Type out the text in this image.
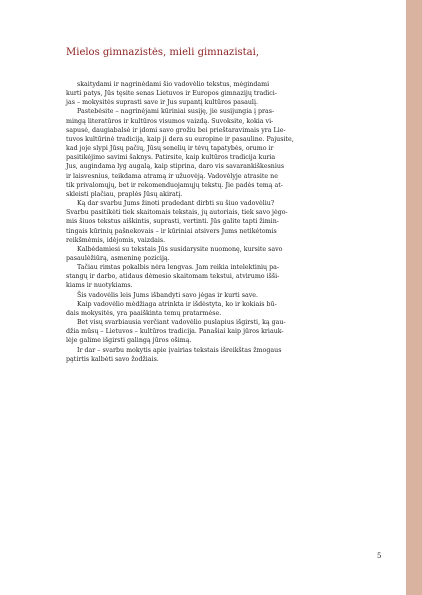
Mielos gimnazistės, mieli gimnazistai,
skaitydami ir nagrinėdami šio vadovėlio tekstus, mėgindami
kurti patys, Jūs tęsite senas Lietuvos ir Europos gimnazijų tradici-
jas – mokysitės suprasti save ir Jus supantį kultūros pasaulį.
Pastebėsite – nagrinėjami kūriniai susiję, jie susijungia į pras-
mingą literatūros ir kultūros visumos vaizdą. Suvoksite, kokia vi-
sapusė, daugiabalsė ir įdomi savo grožiu bei prieštaravimais yra Lie-
tuvos kultūrinė tradicija, kaip ji dera su europine ir pasauline. Pajusite,
kad joje slypi Jūsų pačių, Jūsų senelių ir tėvų tapatybės, orumo ir
pasitikėjimo savimi šaknys. Patirsite, kaip kultūros tradicija kuria
Jus, augindama lyg augalą, kaip stiprina, daro vis savarankiškesnius
ir laisvesnius, teikdama atramą ir užuovėją. Vadovėlyje atrasite ne
tik privalomųjų, bet ir rekomenduojamųjų tekstų. Jie padės temą at-
skleisti plačiau, praplės Jūsų akiratį.
Ką dar svarbu Jums žinoti pradedant dirbti su šiuo vadovėliu?
Svarbu pasitikėti tiek skaitomais tekstais, jų autoriais, tiek savo jėgo-
mis šiuos tekstus aiškintis, suprasti, vertinti. Jūs galite tapti žimin-
tingais kūrinių pašnekovais – ir kūriniai atsivers Jums netikėtomis
reikšmėmis, idėjomis, vaizdais.
Kalbėdamiesi su tekstais Jūs susidarysite nuomonę, kursite savo
pasaulėžiūrą, asmeninę poziciją.
Tačiau rimtas pokalbis nėra lengvas. Jam reikia intelektinių pa-
stangų ir darbo, atidaus dėmesio skaitomam tekstui, atvirumo išši-
kiams ir nuotykiams.
Šis vadovėlis leis Jums išbandyti savo jėgas ir kurti save.
Kaip vadovėlio mėdžiaga atrinkta ir išdėstyta, ko ir kokiais bū-
dais mokysitės, yra paaiškinta temų pratarmėse.
Bet visų svarbiausia verčiant vadovėlio puslapius išgirsti, ką gau-
džia mūsų – Lietuvos – kultūros tradicija. Panašiai kaip jūros kriauk-
lėje galime išgirsti galingą jūros ošimą.
Ir dar – svarbu mokytis apie įvairias tekstais išreikštas žmogaus
pa̧tirtis kalbėti savo žodžiais.
5
